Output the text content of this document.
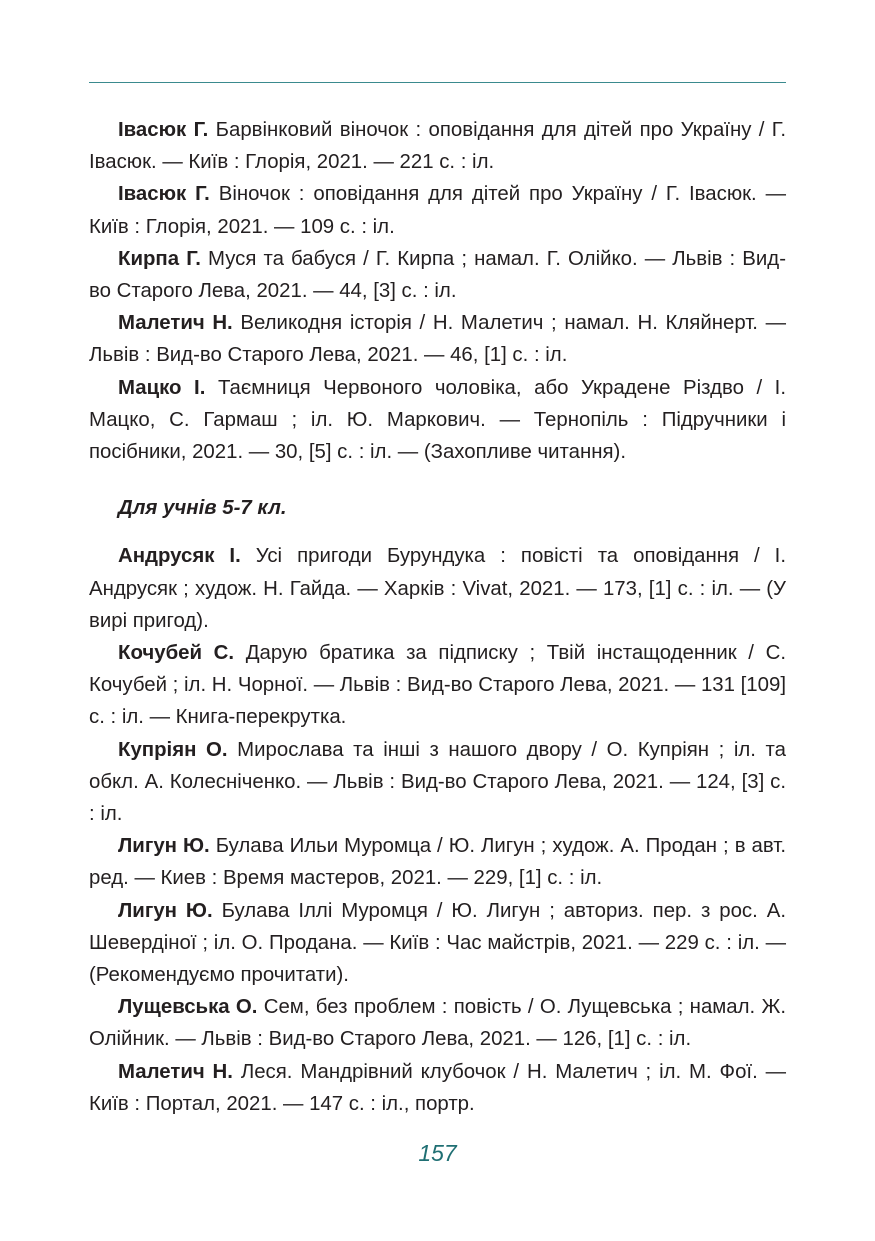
Івасюк Г. Барвінковий віночок : оповідання для дітей про Україну / Г. Івасюк. — Київ : Глорія, 2021. — 221 с. : іл.

Івасюк Г. Віночок : оповідання для дітей про Україну / Г. Івасюк. — Київ : Глорія, 2021. — 109 с. : іл.

Кирпа Г. Муся та бабуся / Г. Кирпа ; намал. Г. Олійко. — Львів : Вид-во Старого Лева, 2021. — 44, [3] с. : іл.

Малетич Н. Великодня історія / Н. Малетич ; намал. Н. Кляйнерт. —Львів : Вид-во Старого Лева, 2021. — 46, [1] с. : іл.

Мацко І. Таємниця Червоного чоловіка, або Украдене Різдво / І. Мацко, С. Гармаш ; іл. Ю. Маркович. — Тернопіль : Підручники і посібники, 2021. — 30, [5] с. : іл. — (Захопливе читання).

Для учнів 5-7 кл.

Андрусяк І. Усі пригоди Бурундука : повісті та оповідання / І. Андрусяк ; худож. Н. Гайда. — Харків : Vivat, 2021. — 173, [1] с. : іл. — (У вирі пригод).

Кочубей С. Дарую братика за підписку ; Твій інстащоденник / С. Кочубей ; іл. Н. Чорної. — Львів : Вид-во Старого Лева, 2021. — 131 [109] с. : іл. — Книга-перекрутка.

Купріян О. Мирослава та інші з нашого двору / О. Купріян ; іл. та обкл. А. Колесніченко. — Львів : Вид-во Старого Лева, 2021. — 124, [3] с. : іл.

Лигун Ю. Булава Ильи Муромца / Ю. Лигун ; худож. А. Продан ; в авт. ред. — Киев : Время мастеров, 2021. — 229, [1] с. : іл.

Лигун Ю. Булава Іллі Муромця / Ю. Лигун ; авториз. пер. з рос. А. Шевердіної ; іл. О. Продана. — Київ : Час майстрів, 2021. — 229 с. : іл. — (Рекомендуємо прочитати).

Лущевська О. Сем, без проблем : повість / О. Лущевська ; намал. Ж. Олійник. — Львів : Вид-во Старого Лева, 2021. — 126, [1] с. : іл.

Малетич Н. Леся. Мандрівний клубочок / Н. Малетич ; іл. М. Фої. — Київ : Портал, 2021. — 147 с. : іл., портр.

157
